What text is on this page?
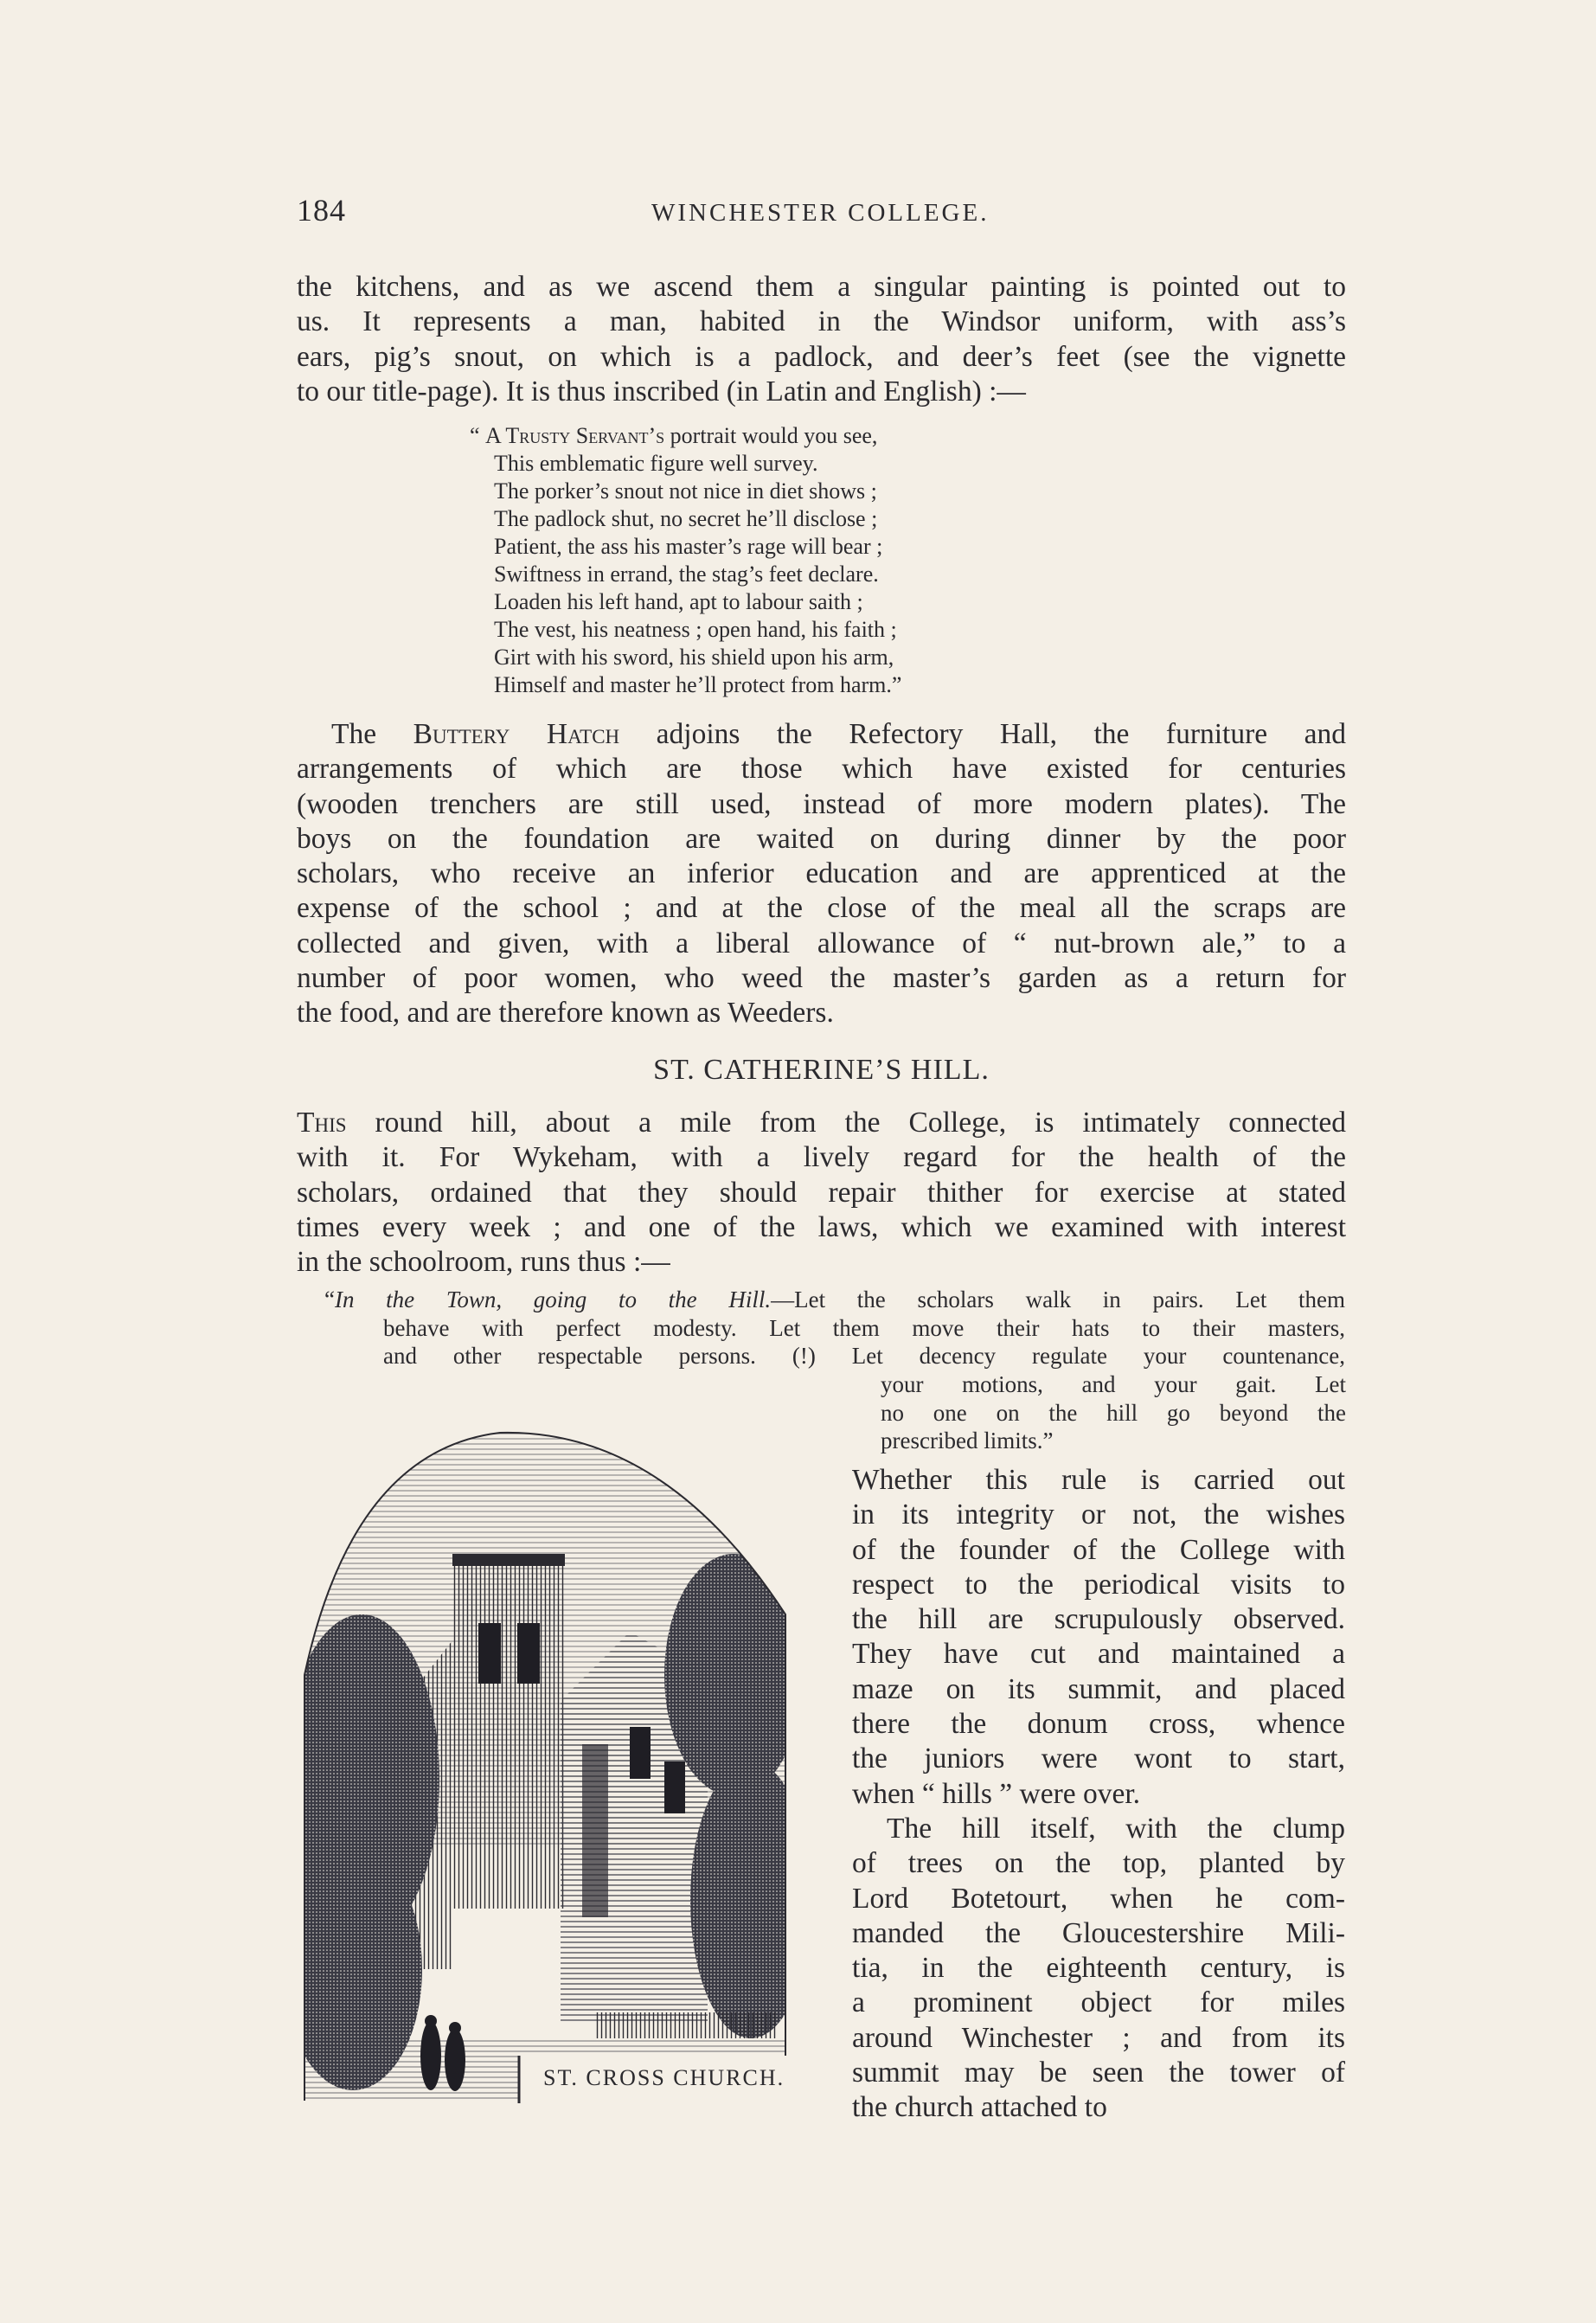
184	WINCHESTER COLLEGE.
the kitchens, and as we ascend them a singular painting is pointed out to
us. It represents a man, habited in the Windsor uniform, with ass’s
ears, pig’s snout, on which is a padlock, and deer’s feet (see the vignette
to our title-page). It is thus inscribed (in Latin and English) :—
“ A Trusty Servant’s portrait would you see,
This emblematic figure well survey.
The porker’s snout not nice in diet shows ;
The padlock shut, no secret he’ll disclose ;
Patient, the ass his master’s rage will bear ;
Swiftness in errand, the stag’s feet declare.
Loaden his left hand, apt to labour saith ;
The vest, his neatness ; open hand, his faith ;
Girt with his sword, his shield upon his arm,
Himself and master he’ll protect from harm.”
The Buttery Hatch adjoins the Refectory Hall, the furniture and
arrangements of which are those which have existed for centuries
(wooden trenchers are still used, instead of more modern plates). The
boys on the foundation are waited on during dinner by the poor
scholars, who receive an inferior education and are apprenticed at the
expense of the school ; and at the close of the meal all the scraps are
collected and given, with a liberal allowance of “ nut-brown ale,” to a
number of poor women, who weed the master’s garden as a return for
the food, and are therefore known as Weeders.
ST. CATHERINE’S HILL.
This round hill, about a mile from the College, is intimately connected
with it. For Wykeham, with a lively regard for the health of the
scholars, ordained that they should repair thither for exercise at stated
times every week ; and one of the laws, which we examined with interest
in the schoolroom, runs thus :—
“In the Town, going to the Hill.—Let the scholars walk in pairs. Let them
behave with perfect modesty. Let them move their hats to their masters,
and other respectable persons. (!) Let decency regulate your countenance,
your motions, and your gait. Let
no one on the hill go beyond the
prescribed limits.”
Whether this rule is carried out
in its integrity or not, the wishes
of the founder of the College with
respect to the periodical visits to
the hill are scrupulously observed.
They have cut and maintained a
maze on its summit, and placed
there the donum cross, whence
the juniors were wont to start,
when “ hills ” were over.
The hill itself, with the clump
of trees on the top, planted by
Lord Botetourt, when he com-
manded the Gloucestershire Mili-
tia, in the eighteenth century, is
a prominent object for miles
around Winchester ; and from its
summit may be seen the tower of
the church attached to
ST. CROSS CHURCH.
